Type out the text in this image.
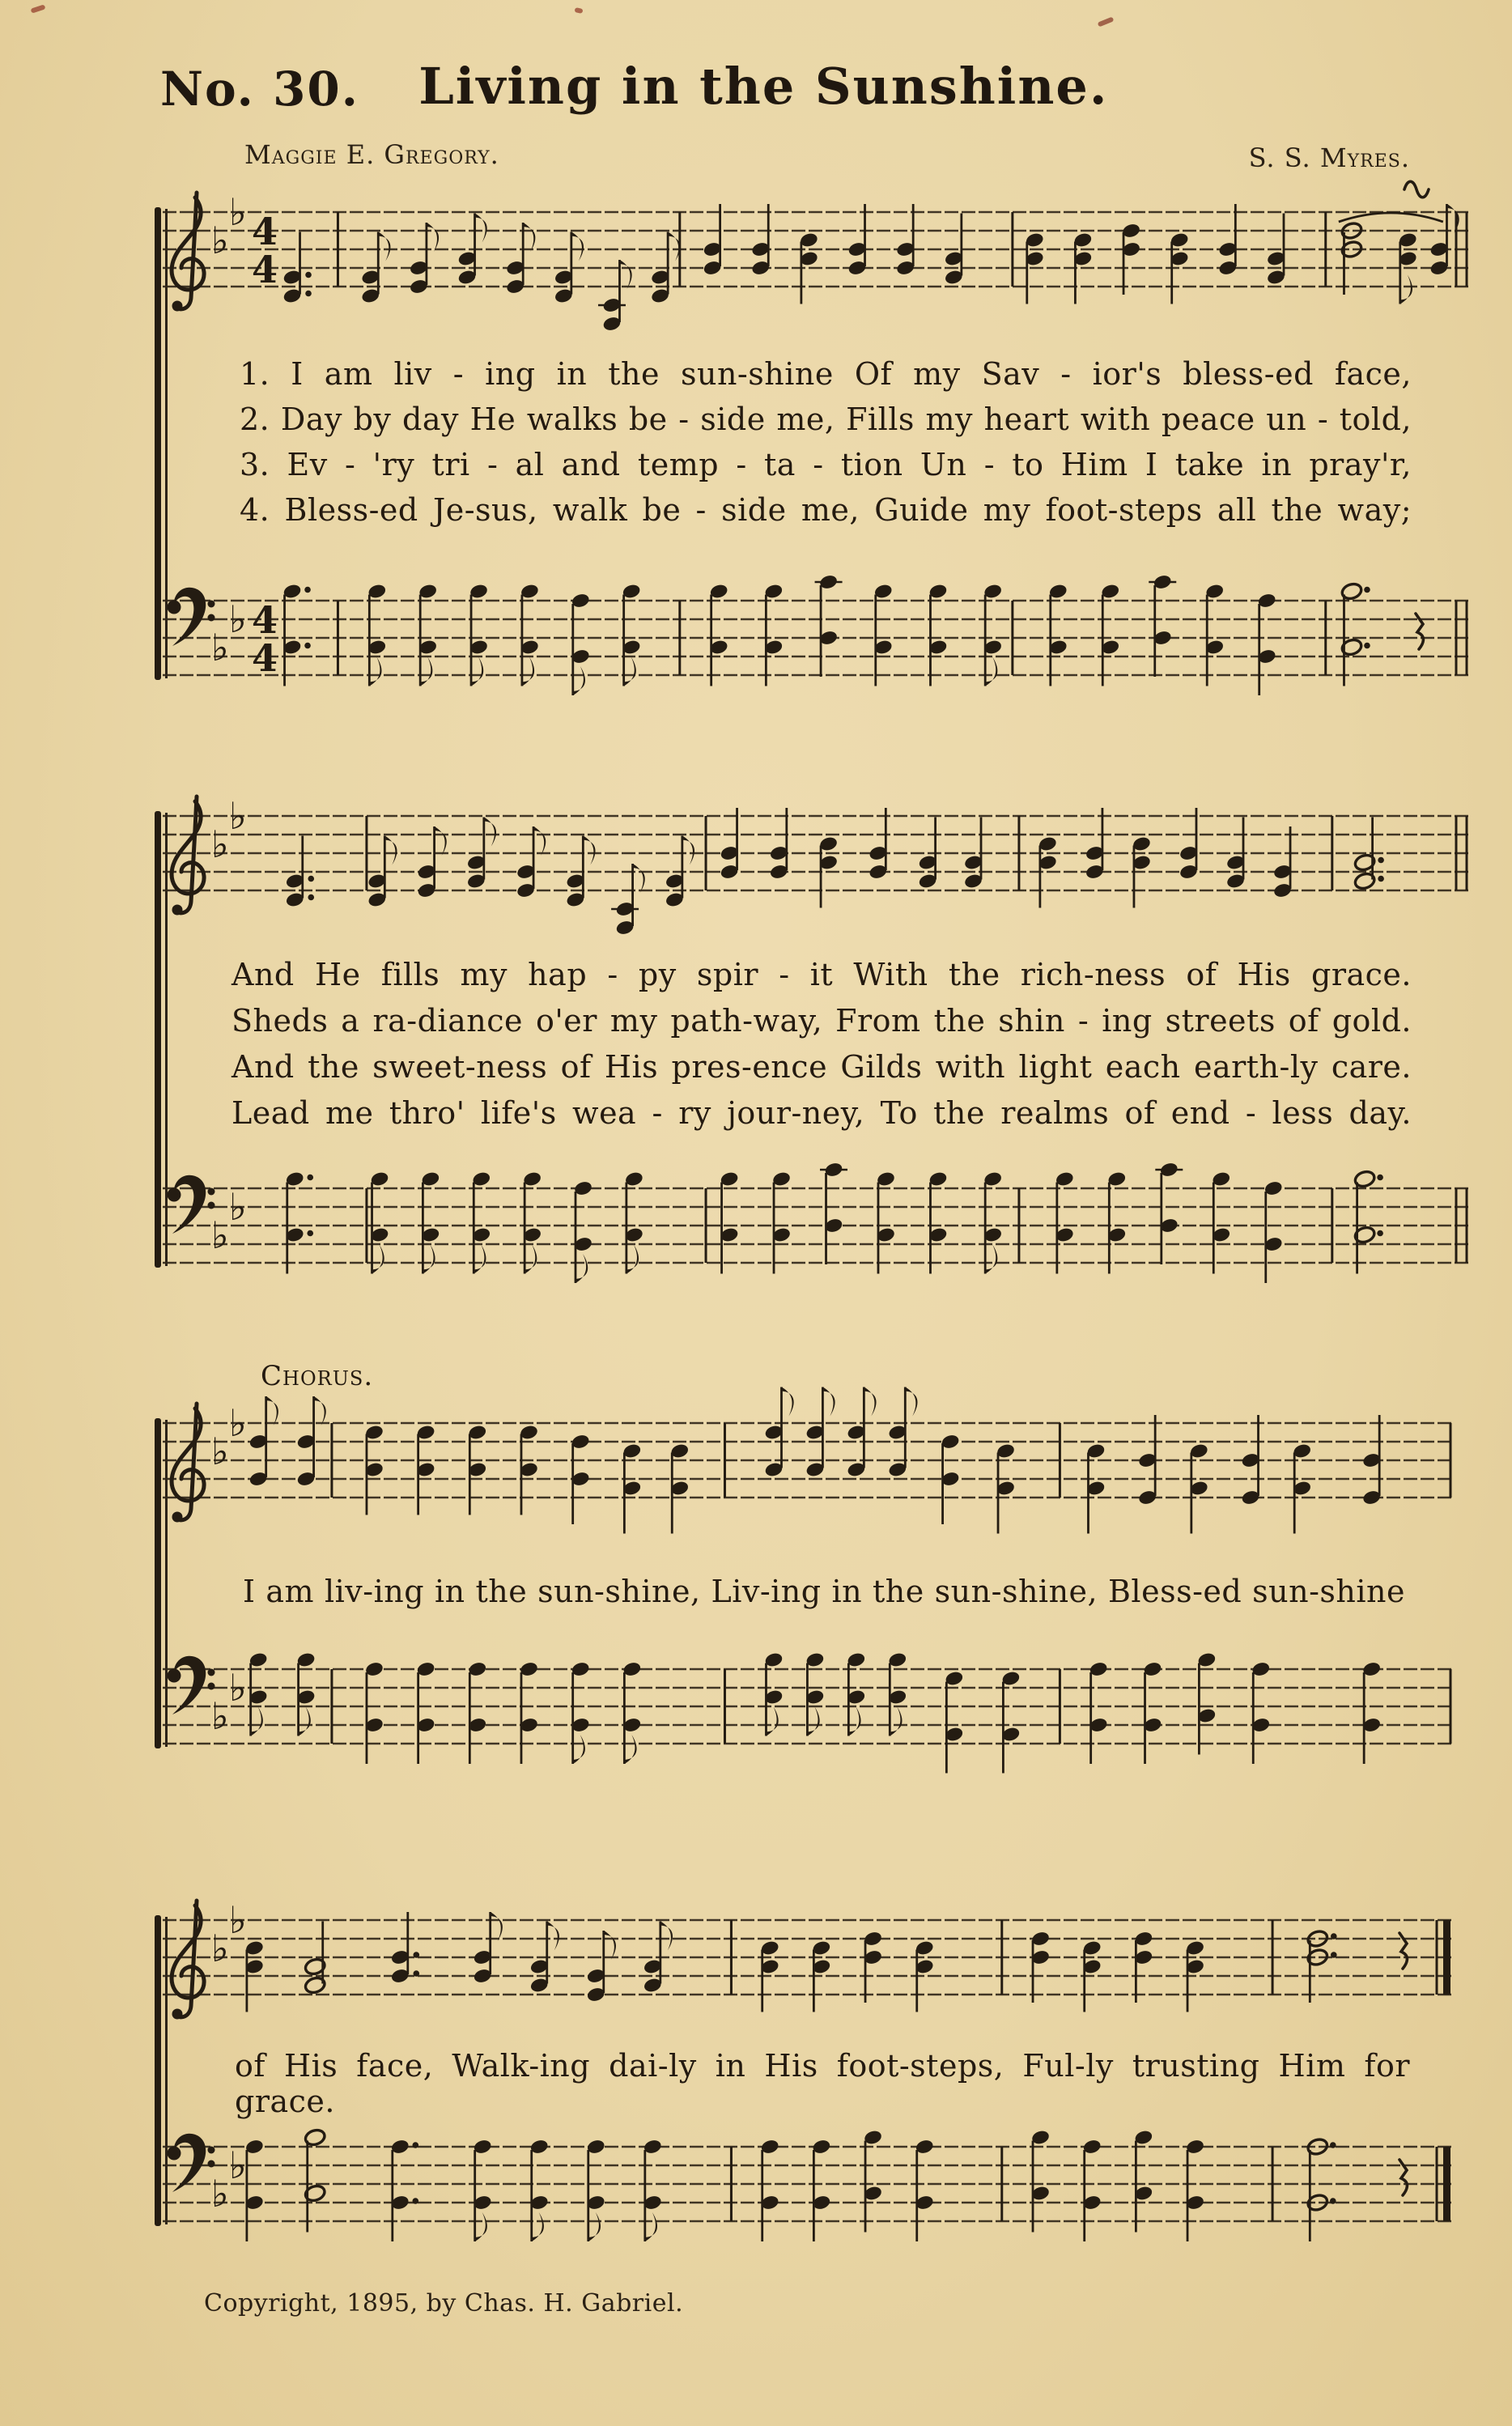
No. 30. Living in the Sunshine.
Maggie E. Gregory.	S. S. Myres.
♭
♭ 4
4
♭
♭ 4
4
♭
♭
♭
♭
♭
♭
♭
♭
♭
♭
♭
♭
1. I am liv - ing in the sun-shine Of my Sav - ior's bless-ed face,
2. Day by day He walks be - side me, Fills my heart with peace un - told,
3. Ev - 'ry tri - al and temp - ta - tion Un - to Him I take in pray'r,
4. Bless-ed Je-sus, walk be - side me, Guide my foot-steps all the way;
And He fills my hap - py spir - it With the rich-ness of His grace.
Sheds a ra-diance o'er my path-way, From the shin - ing streets of gold.
And the sweet-ness of His pres-ence Gilds with light each earth-ly care.
Lead me thro' life's wea - ry jour-ney, To the realms of end - less day.
Chorus.
I am liv-ing in the sun-shine, Liv-ing in the sun-shine, Bless-ed sun-shine
of His face, Walk-ing dai-ly in His foot-steps, Ful-ly trusting Him for grace.
Copyright, 1895, by Chas. H. Gabriel.
